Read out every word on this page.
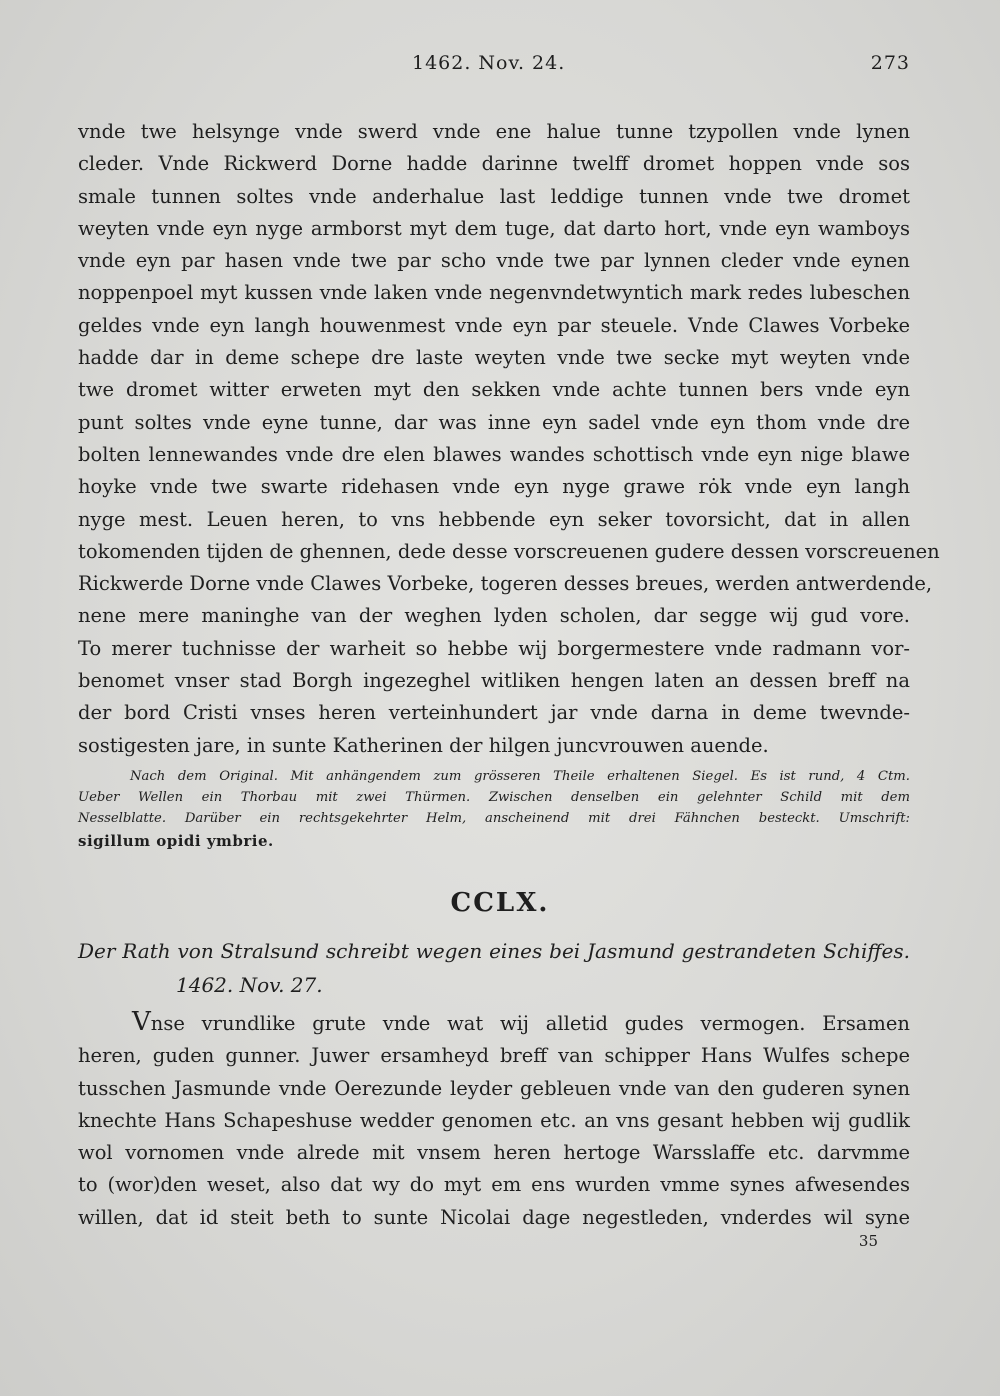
1462. Nov. 24.	273
vnde twe helsynge vnde swerd vnde ene halue tunne tzypollen vnde lynen
cleder. Vnde Rickwerd Dorne hadde darinne twelff dromet hoppen vnde sos
smale tunnen soltes vnde anderhalue last leddige tunnen vnde twe dromet
weyten vnde eyn nyge armborst myt dem tuge, dat darto hort, vnde eyn wamboys
vnde eyn par hasen vnde twe par scho vnde twe par lynnen cleder vnde eynen
noppenpoel myt kussen vnde laken vnde negenvndetwyntich mark redes lubeschen
geldes vnde eyn langh houwenmest vnde eyn par steuele. Vnde Clawes Vorbeke
hadde dar in deme schepe dre laste weyten vnde twe secke myt weyten vnde
twe dromet witter erweten myt den sekken vnde achte tunnen bers vnde eyn
punt soltes vnde eyne tunne, dar was inne eyn sadel vnde eyn thom vnde dre
bolten lennewandes vnde dre elen blawes wandes schottisch vnde eyn nige blawe
hoyke vnde twe swarte ridehasen vnde eyn nyge grawe rȯk vnde eyn langh
nyge mest. Leuen heren, to vns hebbende eyn seker tovorsicht, dat in allen
tokomenden tijden de ghennen, dede desse vorscreuenen gudere dessen vorscreuenen
Rickwerde Dorne vnde Clawes Vorbeke, togeren desses breues, werden antwerdende,
nene mere maninghe van der weghen lyden scholen, dar segge wij gud vore.
To merer tuchnisse der warheit so hebbe wij borgermestere vnde radmann vor-
benomet vnser stad Borgh ingezeghel witliken hengen laten an dessen breff na
der bord Cristi vnses heren verteinhundert jar vnde darna in deme twevnde-
sostigesten jare, in sunte Katherinen der hilgen juncvrouwen auende.
Nach dem Original. Mit anhängendem zum grösseren Theile erhaltenen Siegel. Es ist rund, 4 Ctm.
Ueber Wellen ein Thorbau mit zwei Thürmen. Zwischen denselben ein gelehnter Schild mit dem
Nesselblatte. Darüber ein rechtsgekehrter Helm, anscheinend mit drei Fähnchen besteckt. Umschrift:
sigillum opidi ymbrie.
CCLX.
Der Rath von Stralsund schreibt wegen eines bei Jasmund gestrandeten Schiffes.
1462. Nov. 27.
Vnse vrundlike grute vnde wat wij alletid gudes vermogen. Ersamen
heren, guden gunner. Juwer ersamheyd breff van schipper Hans Wulfes schepe
tusschen Jasmunde vnde Oerezunde leyder gebleuen vnde van den guderen synen
knechte Hans Schapeshuse wedder genomen etc. an vns gesant hebben wij gudlik
wol vornomen vnde alrede mit vnsem heren hertoge Warsslaffe etc. darvmme
to (wor)den weset, also dat wy do myt em ens wurden vmme synes afwesendes
willen, dat id steit beth to sunte Nicolai dage negestleden, vnderdes wil syne
35
